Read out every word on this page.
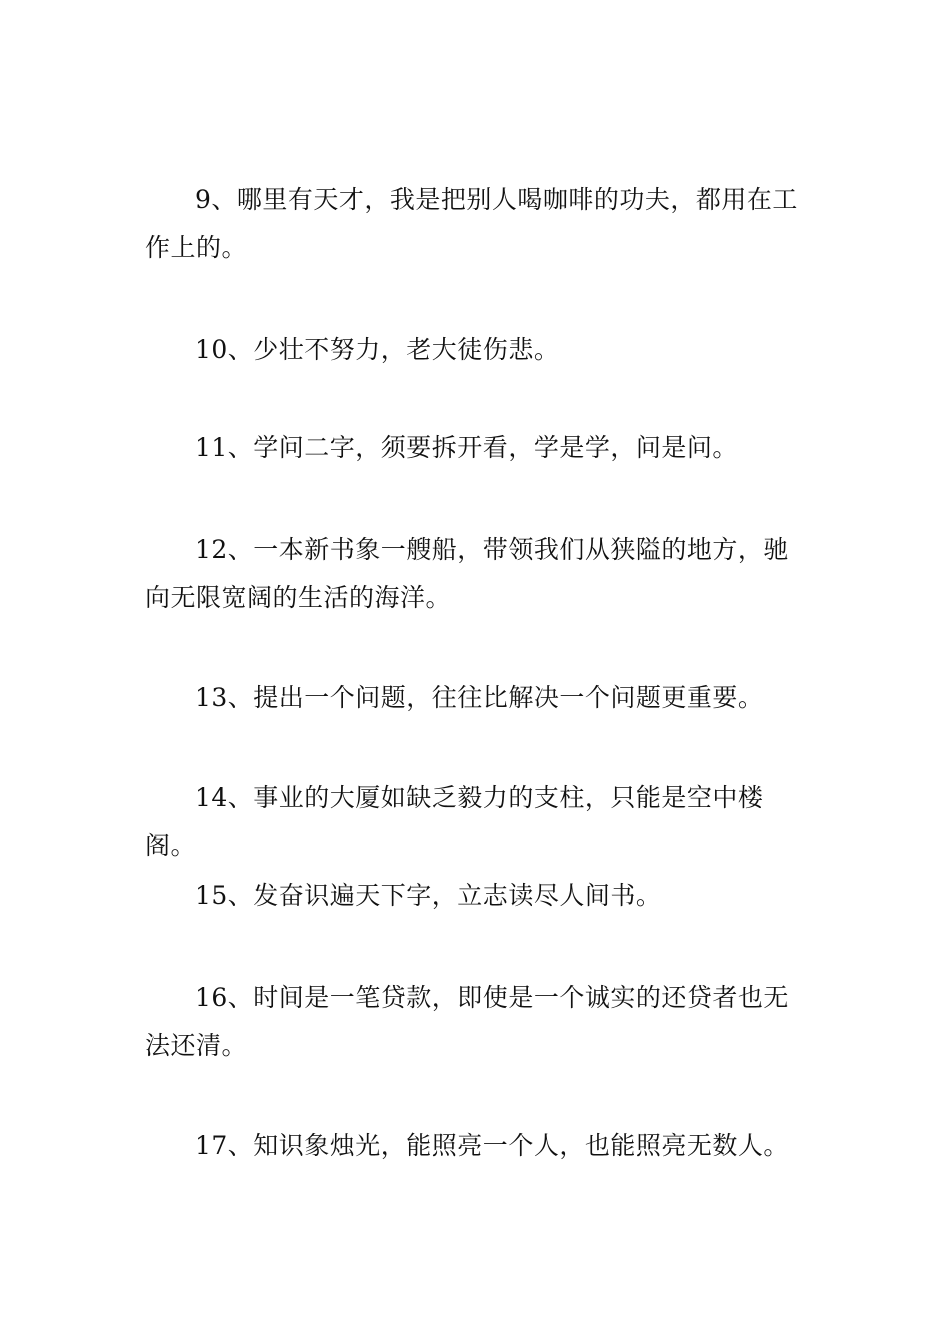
9、哪里有天才，我是把别人喝咖啡的功夫，都用在工作上的。

10、少壮不努力，老大徒伤悲。

11、学问二字，须要拆开看，学是学，问是问。

12、一本新书象一艘船，带领我们从狭隘的地方，驰向无限宽阔的生活的海洋。

13、提出一个问题，往往比解决一个问题更重要。

14、事业的大厦如缺乏毅力的支柱，只能是空中楼阁。

15、发奋识遍天下字，立志读尽人间书。

16、时间是一笔贷款，即使是一个诚实的还贷者也无法还清。

17、知识象烛光，能照亮一个人，也能照亮无数人。
